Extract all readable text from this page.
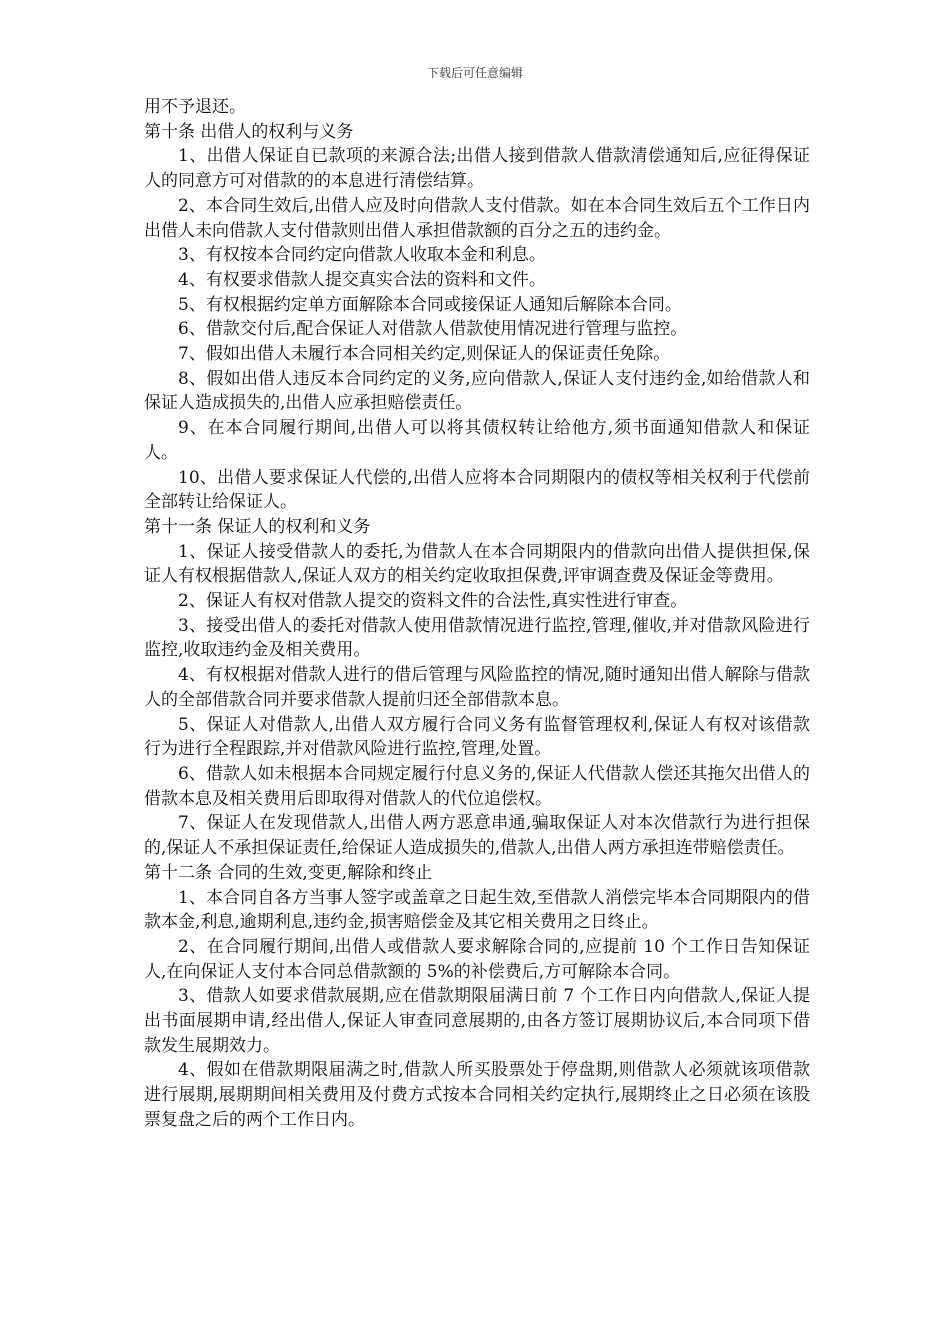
下载后可任意编辑

用不予退还。

第十条 出借人的权利与义务

1、出借人保证自已款项的来源合法;出借人接到借款人借款清偿通知后,应征得保证人的同意方可对借款的的本息进行清偿结算。

2、本合同生效后,出借人应及时向借款人支付借款。如在本合同生效后五个工作日内出借人未向借款人支付借款则出借人承担借款额的百分之五的违约金。

3、有权按本合同约定向借款人收取本金和利息。

4、有权要求借款人提交真实合法的资料和文件。

5、有权根据约定单方面解除本合同或接保证人通知后解除本合同。

6、借款交付后,配合保证人对借款人借款使用情况进行管理与监控。

7、假如出借人未履行本合同相关约定,则保证人的保证责任免除。

8、假如出借人违反本合同约定的义务,应向借款人,保证人支付违约金,如给借款人和保证人造成损失的,出借人应承担赔偿责任。

9、在本合同履行期间,出借人可以将其债权转让给他方,须书面通知借款人和保证人。

10、出借人要求保证人代偿的,出借人应将本合同期限内的债权等相关权利于代偿前全部转让给保证人。

第十一条 保证人的权利和义务

1、保证人接受借款人的委托,为借款人在本合同期限内的借款向出借人提供担保,保证人有权根据借款人,保证人双方的相关约定收取担保费,评审调查费及保证金等费用。

2、保证人有权对借款人提交的资料文件的合法性,真实性进行审查。

3、接受出借人的委托对借款人使用借款情况进行监控,管理,催收,并对借款风险进行监控,收取违约金及相关费用。

4、有权根据对借款人进行的借后管理与风险监控的情况,随时通知出借人解除与借款人的全部借款合同并要求借款人提前归还全部借款本息。

5、保证人对借款人,出借人双方履行合同义务有监督管理权利,保证人有权对该借款行为进行全程跟踪,并对借款风险进行监控,管理,处置。

6、借款人如未根据本合同规定履行付息义务的,保证人代借款人偿还其拖欠出借人的借款本息及相关费用后即取得对借款人的代位追偿权。

7、保证人在发现借款人,出借人两方恶意串通,骗取保证人对本次借款行为进行担保的,保证人不承担保证责任,给保证人造成损失的,借款人,出借人两方承担连带赔偿责任。

第十二条 合同的生效,变更,解除和终止

1、本合同自各方当事人签字或盖章之日起生效,至借款人消偿完毕本合同期限内的借款本金,利息,逾期利息,违约金,损害赔偿金及其它相关费用之日终止。

2、在合同履行期间,出借人或借款人要求解除合同的,应提前 10 个工作日告知保证人,在向保证人支付本合同总借款额的 5%的补偿费后,方可解除本合同。

3、借款人如要求借款展期,应在借款期限届满日前 7 个工作日内向借款人,保证人提出书面展期申请,经出借人,保证人审查同意展期的,由各方签订展期协议后,本合同项下借款发生展期效力。

4、假如在借款期限届满之时,借款人所买股票处于停盘期,则借款人必须就该项借款进行展期,展期期间相关费用及付费方式按本合同相关约定执行,展期终止之日必须在该股票复盘之后的两个工作日内。
